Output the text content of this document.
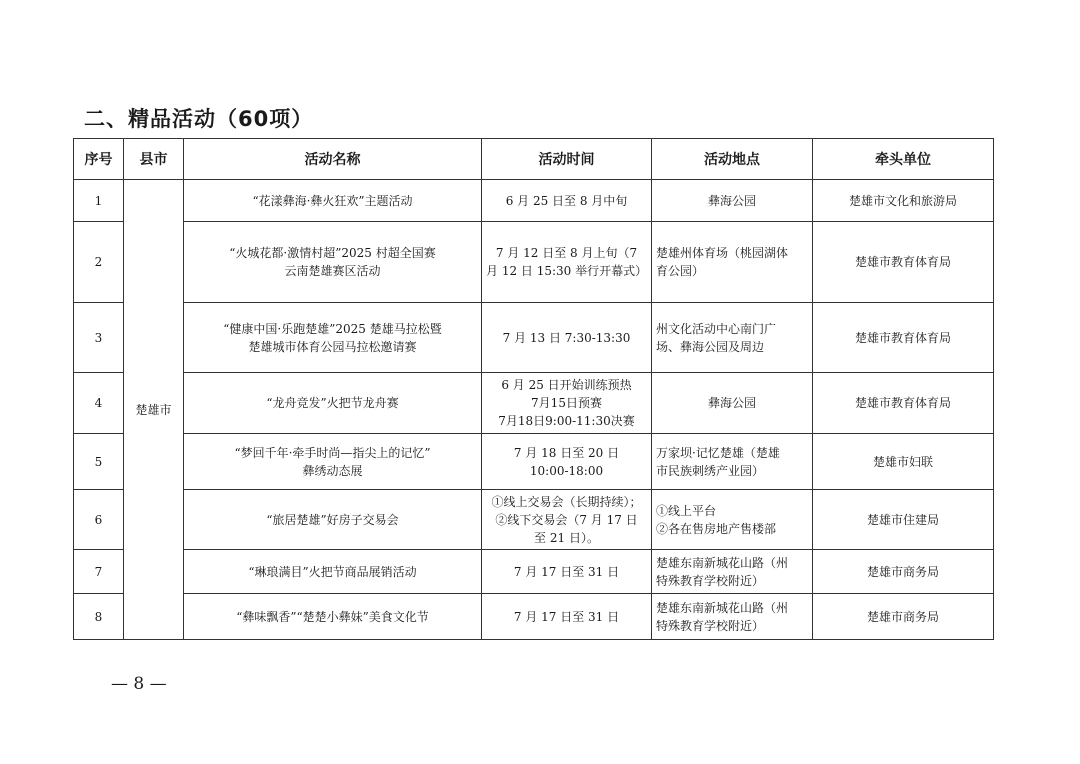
二、精品活动（60项）
序号	县市	活动名称	活动时间	活动地点	牵头单位
1	楚雄市	“花漾彝海·彝火狂欢”主题活动	6 月 25 日至 8 月中旬	彝海公园	楚雄市文化和旅游局
2		“火城花都·激情村超”2025 村超全国赛
云南楚雄赛区活动	7 月 12 日至 8 月上旬（7
月 12 日 15:30 举行开幕式）	楚雄州体育场（桃园湖体
育公园）	楚雄市教育体育局
3		“健康中国·乐跑楚雄”2025 楚雄马拉松暨
楚雄城市体育公园马拉松邀请赛	7 月 13 日 7:30-13:30	州文化活动中心南门广
场、彝海公园及周边	楚雄市教育体育局
4		“龙舟竞发”火把节龙舟赛	6 月 25 日开始训练预热
7月15日预赛
7月18日9:00-11:30决赛	彝海公园	楚雄市教育体育局
5		“梦回千年·牵手时尚—指尖上的记忆”
彝绣动态展	7 月 18 日至 20 日
10:00-18:00	万家坝·记忆楚雄（楚雄
市民族刺绣产业园）	楚雄市妇联
6		“旅居楚雄”好房子交易会	①线上交易会（长期持续）；
②线下交易会（7 月 17 日
至 21 日）。	①线上平台
②各在售房地产售楼部	楚雄市住建局
7		“琳琅满目”火把节商品展销活动	7 月 17 日至 31 日	楚雄东南新城花山路（州
特殊教育学校附近）	楚雄市商务局
8		“彝味飘香”“楚楚小彝妹”美食文化节	7 月 17 日至 31 日	楚雄东南新城花山路（州
特殊教育学校附近）	楚雄市商务局
— 8 —
